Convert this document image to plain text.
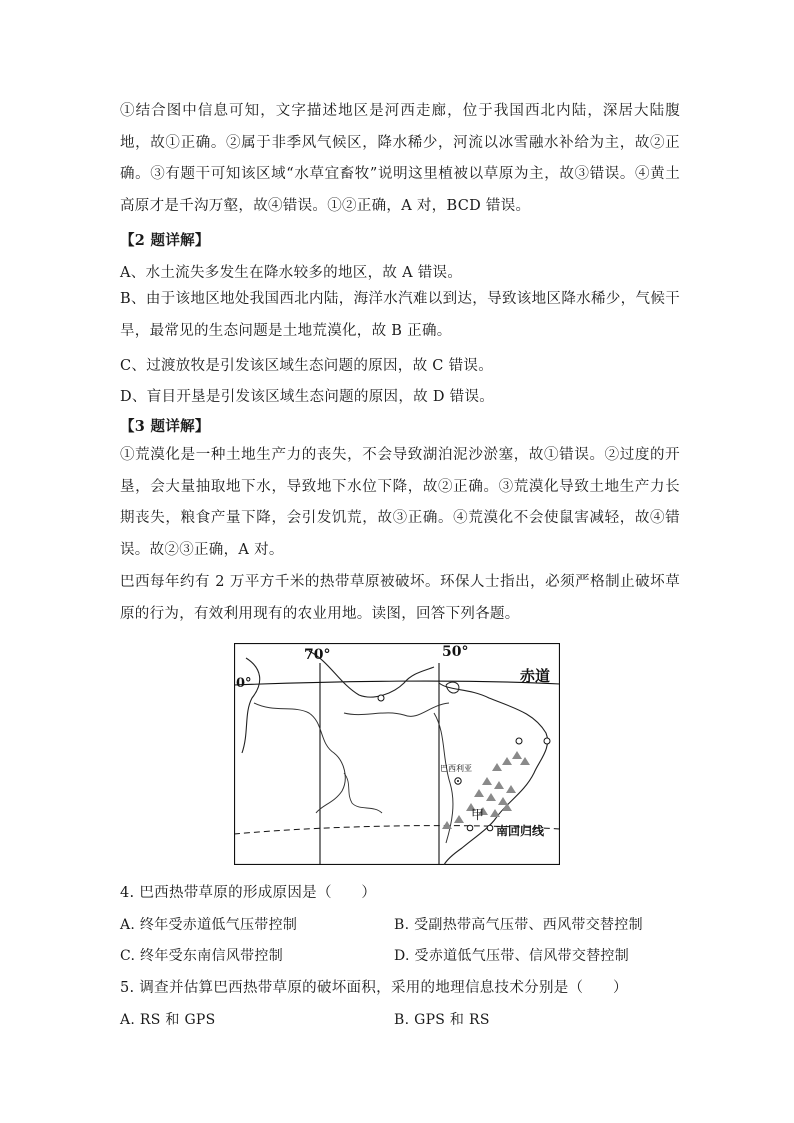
①结合图中信息可知，文字描述地区是河西走廊，位于我国西北内陆，深居大陆腹地，故①正确。②属于非季风气候区，降水稀少，河流以冰雪融水补给为主，故②正确。③有题干可知该区域“水草宜畜牧”说明这里植被以草原为主，故③错误。④黄土高原才是千沟万壑，故④错误。①②正确，A 对，BCD 错误。
【2 题详解】
A、水土流失多发生在降水较多的地区，故 A 错误。
B、由于该地区地处我国西北内陆，海洋水汽难以到达，导致该地区降水稀少，气候干旱，最常见的生态问题是土地荒漠化，故 B 正确。
C、过渡放牧是引发该区域生态问题的原因，故 C 错误。
D、盲目开垦是引发该区域生态问题的原因，故 D 错误。
【3 题详解】
①荒漠化是一种土地生产力的丧失，不会导致湖泊泥沙淤塞，故①错误。②过度的开垦，会大量抽取地下水，导致地下水位下降，故②正确。③荒漠化导致土地生产力长期丧失，粮食产量下降，会引发饥荒，故③正确。④荒漠化不会使鼠害减轻，故④错误。故②③正确，A 对。
巴西每年约有 2 万平方千米的热带草原被破坏。环保人士指出，必须严格制止破坏草原的行为，有效利用现有的农业用地。读图，回答下列各题。
70°	50°
0°	赤道
巴西利亚
甲
南回归线
4. 巴西热带草原的形成原因是（　　）
A. 终年受赤道低气压带控制	B. 受副热带高气压带、西风带交替控制
C. 终年受东南信风带控制	D. 受赤道低气压带、信风带交替控制
5. 调查并估算巴西热带草原的破坏面积，采用的地理信息技术分别是（　　）
A. RS 和 GPS	B. GPS 和 RS
